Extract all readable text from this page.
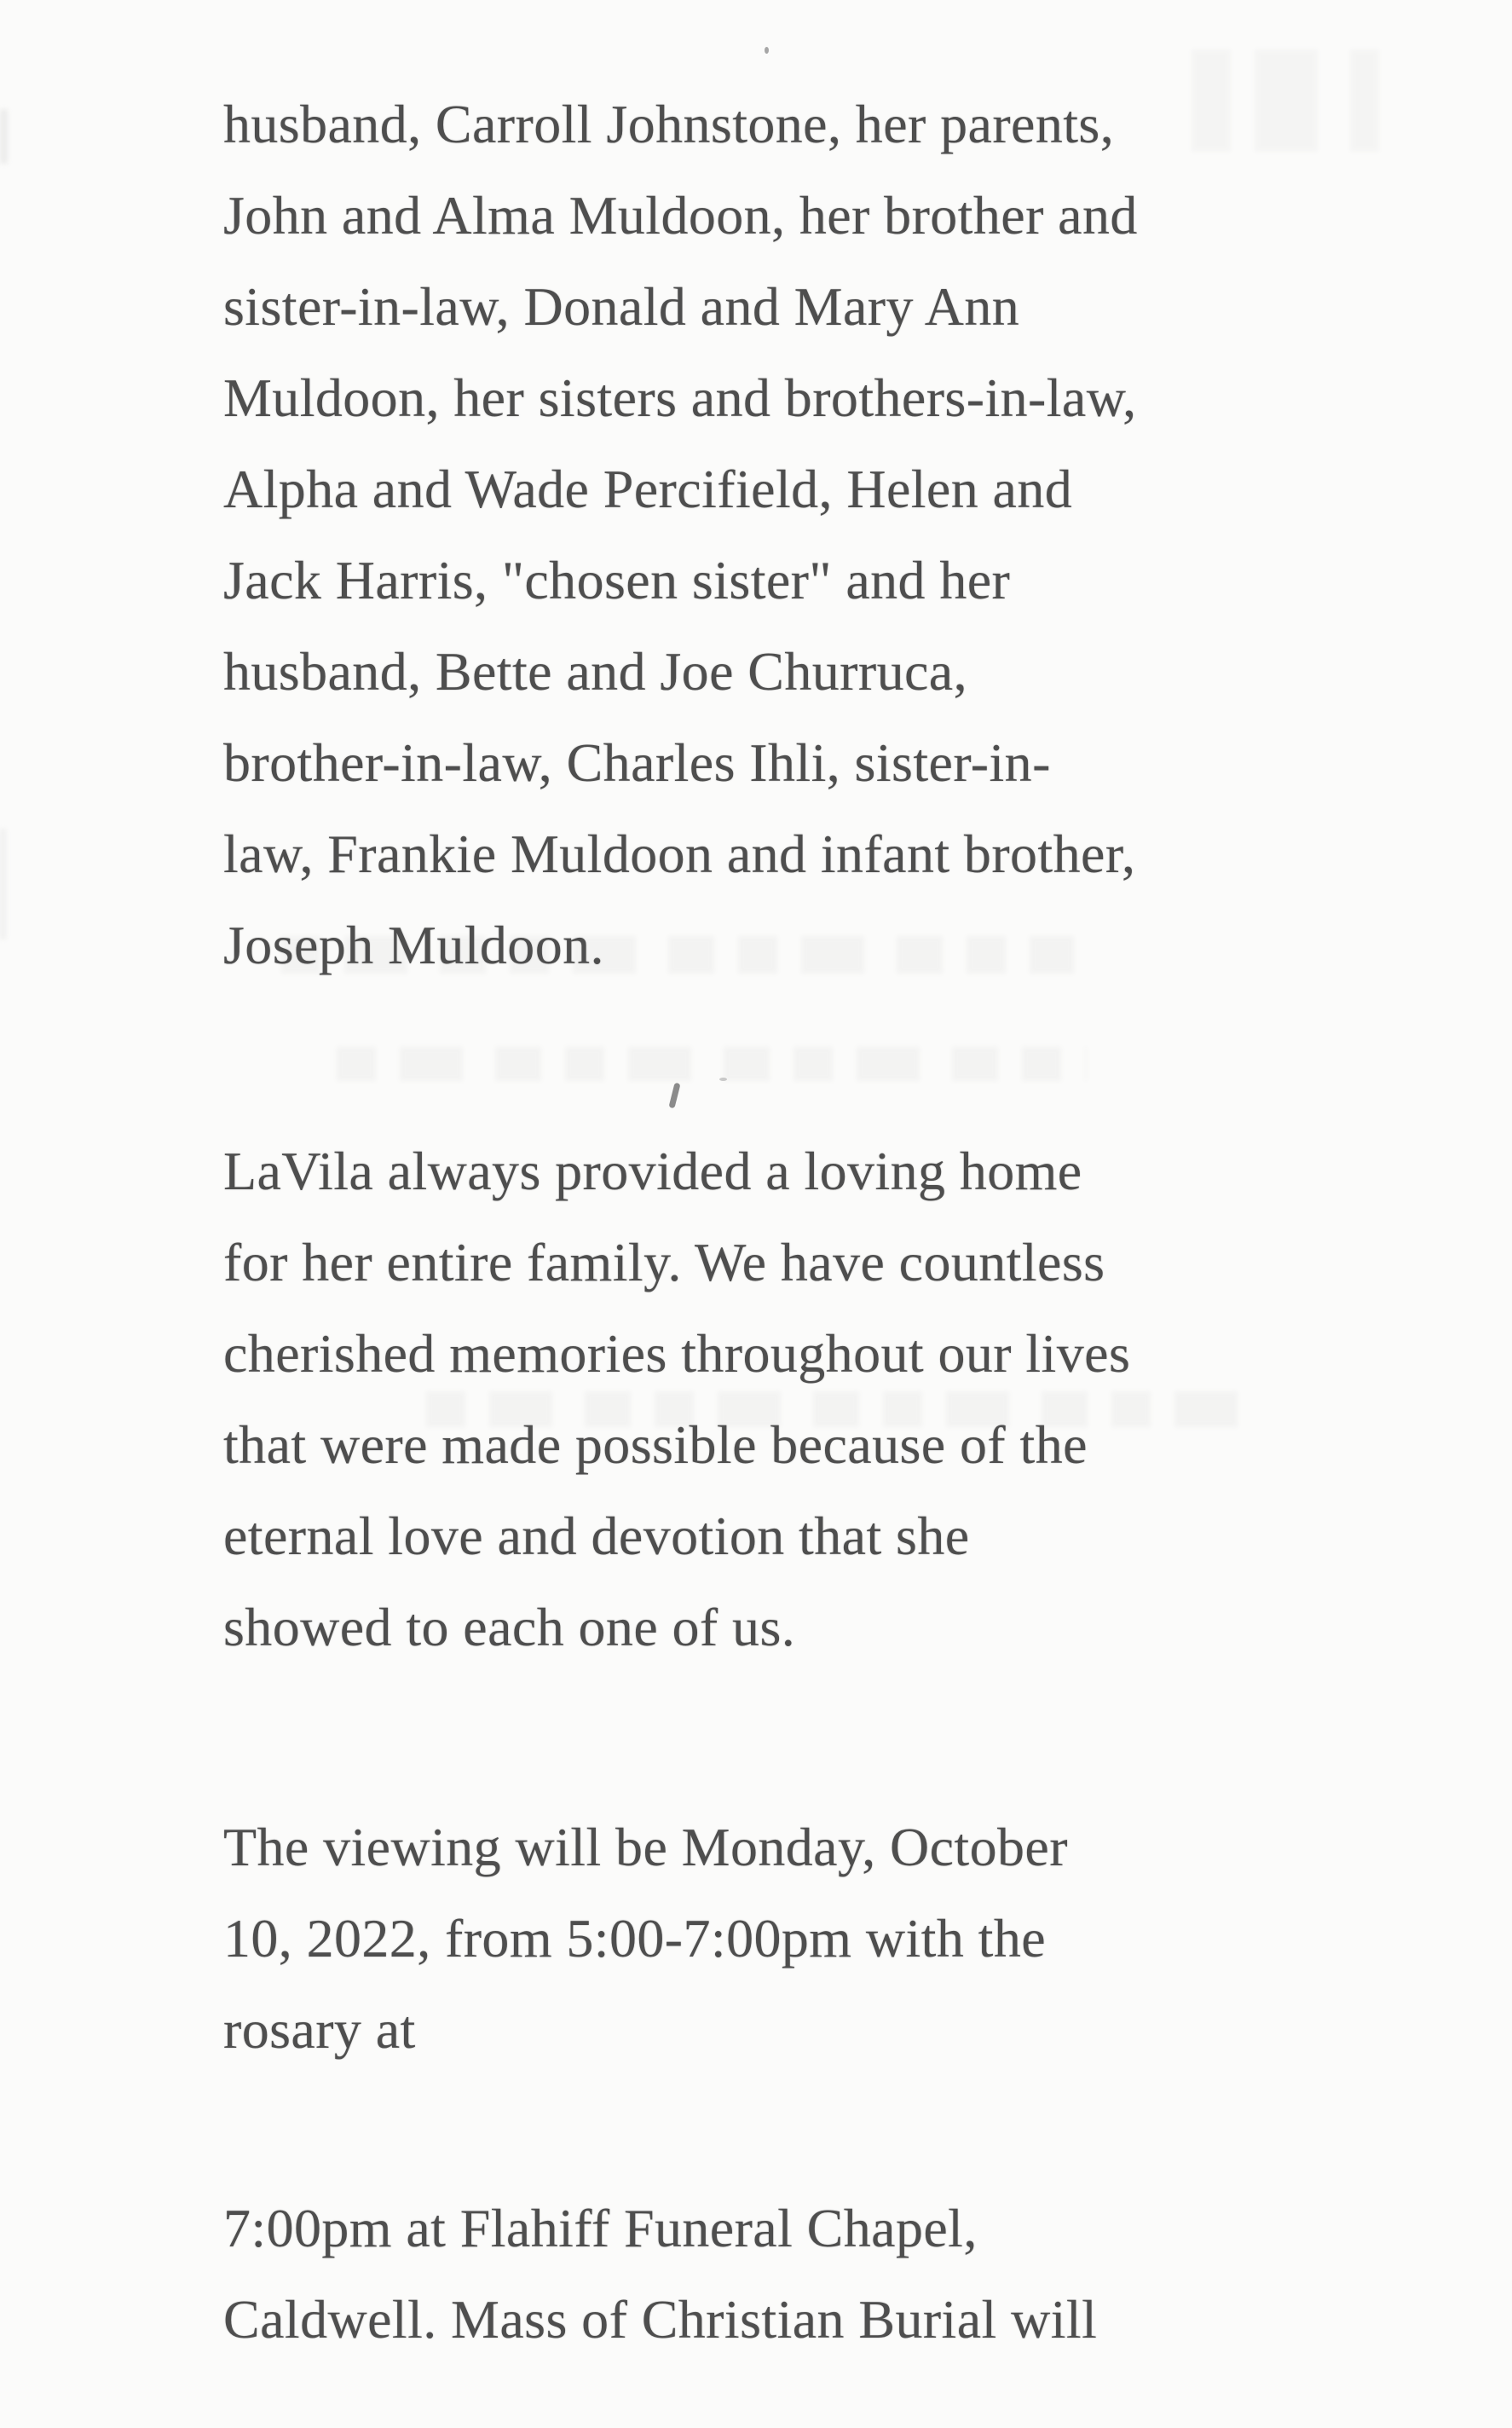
husband, Carroll Johnstone, her parents,
John and Alma Muldoon, her brother and
sister-in-law, Donald and Mary Ann
Muldoon, her sisters and brothers-in-law,
Alpha and Wade Percifield, Helen and
Jack Harris, "chosen sister" and her
husband, Bette and Joe Churruca,
brother-in-law, Charles Ihli, sister-in-
law, Frankie Muldoon and infant brother,
Joseph Muldoon.

LaVila always provided a loving home
for her entire family. We have countless
cherished memories throughout our lives
that were made possible because of the
eternal love and devotion that she
showed to each one of us.

The viewing will be Monday, October
10, 2022, from 5:00-7:00pm with the
rosary at

7:00pm at Flahiff Funeral Chapel,
Caldwell. Mass of Christian Burial will
